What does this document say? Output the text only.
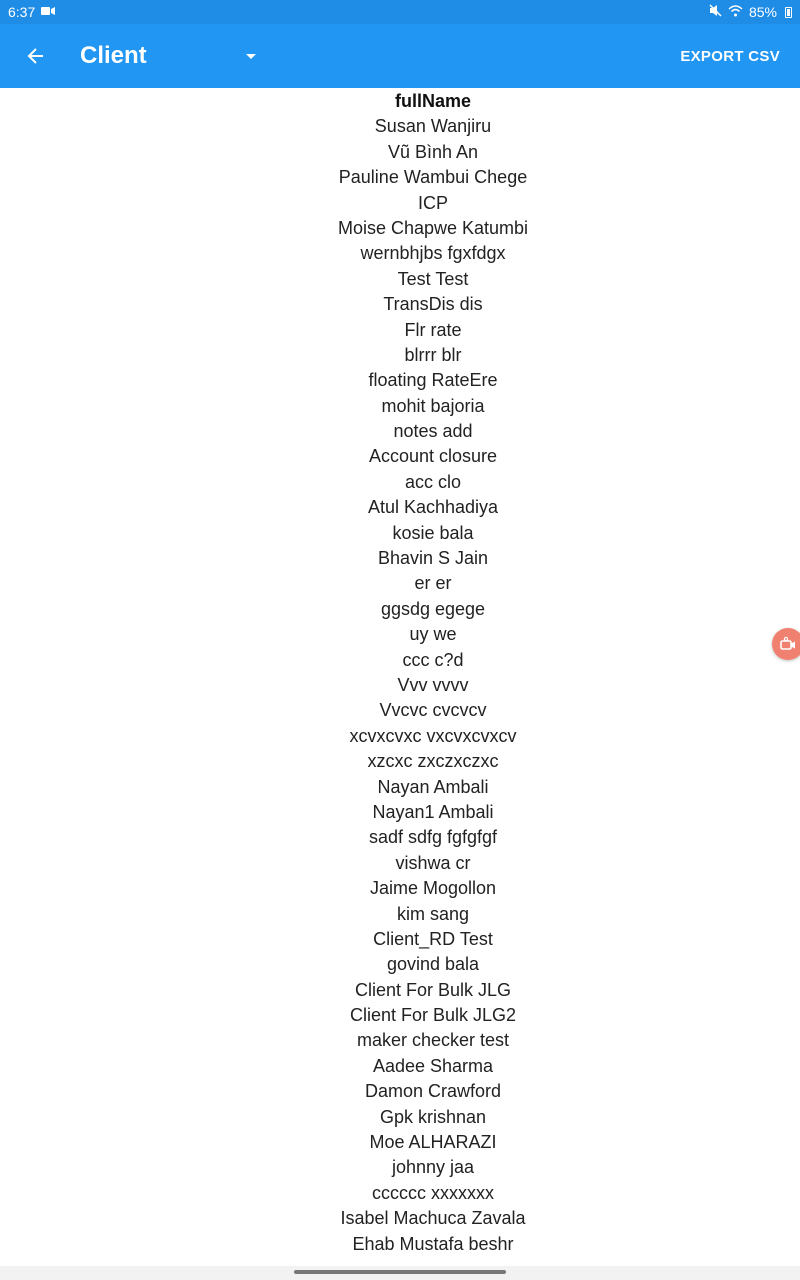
6:37	85%
Client	EXPORT CSV
fullName
Susan Wanjiru
Vũ Bình An
Pauline Wambui Chege
ICP
Moise Chapwe Katumbi
wernbhjbs fgxfdgx
Test Test
TransDis dis
Flr rate
blrrr blr
floating RateEre
mohit bajoria
notes add
Account closure
acc clo
Atul Kachhadiya
kosie bala
Bhavin S Jain
er er
ggsdg egege
uy we
ccc c?d
Vvv vvvv
Vvcvc cvcvcv
xcvxcvxc vxcvxcvxcv
xzcxc zxczxczxc
Nayan Ambali
Nayan1 Ambali
sadf sdfg fgfgfgf
vishwa cr
Jaime Mogollon
kim sang
Client_RD Test
govind bala
Client For Bulk JLG
Client For Bulk JLG2
maker checker test
Aadee Sharma
Damon Crawford
Gpk krishnan
Moe ALHARAZI
johnny jaa
cccccc xxxxxxx
Isabel Machuca Zavala
Ehab Mustafa beshr
